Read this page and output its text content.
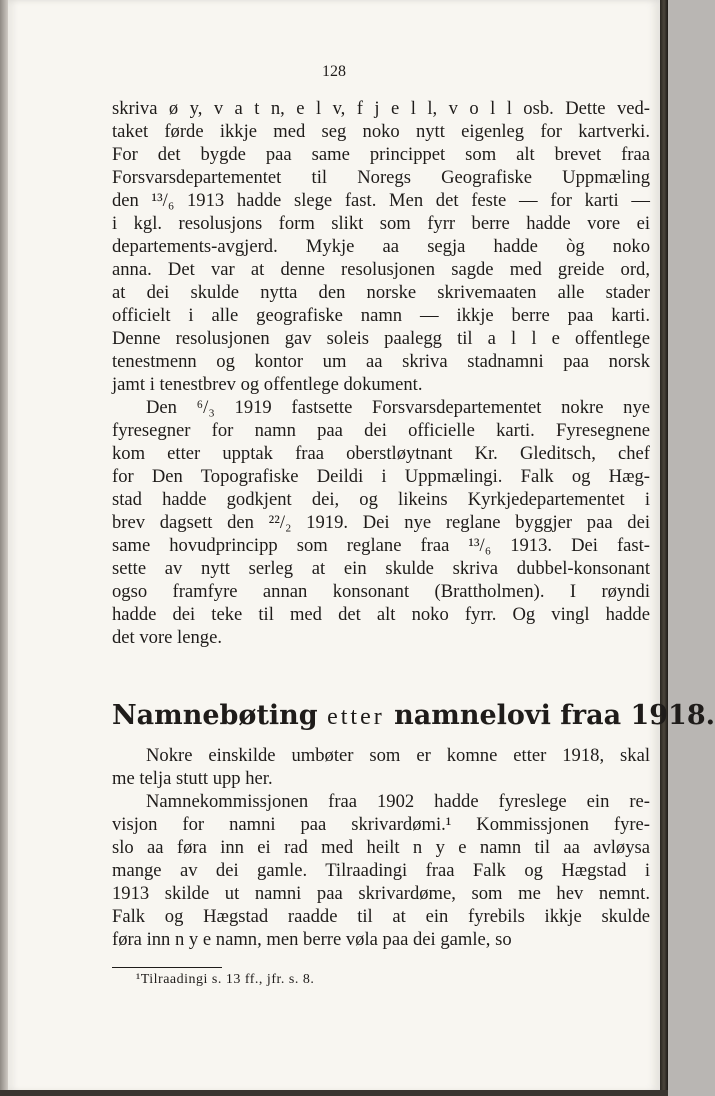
128

skriva ø y, v a t n, e l v, f j e l l, v o l l osb. Dette ved-
taket førde ikkje med seg noko nytt eigenleg for kartverki.
For det bygde paa same princippet som alt brevet fraa
Forsvarsdepartementet til Noregs Geografiske Uppmæling
den ¹³/₆ 1913 hadde slege fast. Men det feste — for karti —
i kgl. resolusjons form slikt som fyrr berre hadde vore ei
departements-avgjerd. Mykje aa segja hadde òg noko
anna. Det var at denne resolusjonen sagde med greide ord,
at dei skulde nytta den norske skrivemaaten alle stader
officielt i alle geografiske namn — ikkje berre paa karti.
Denne resolusjonen gav soleis paalegg til a l l e offentlege
tenestmenn og kontor um aa skriva stadnamni paa norsk
jamt i tenestbrev og offentlege dokument.

Den ⁶/₃ 1919 fastsette Forsvarsdepartementet nokre nye
fyresegner for namn paa dei officielle karti. Fyresegnene
kom etter upptak fraa oberstløytnant Kr. Gleditsch, chef
for Den Topografiske Deildi i Uppmælingi. Falk og Hæg-
stad hadde godkjent dei, og likeins Kyrkjedepartementet i
brev dagsett den ²²/₂ 1919. Dei nye reglane byggjer paa dei
same hovudprincipp som reglane fraa ¹³/₆ 1913. Dei fast-
sette av nytt serleg at ein skulde skriva dubbel-konsonant
ogso framfyre annan konsonant (Brattholmen). I røyndi
hadde dei teke til med det alt noko fyrr. Og vingl hadde
det vore lenge.

Namnebøting etter namnelovi fraa 1918.

Nokre einskilde umbøter som er komne etter 1918, skal
me telja stutt upp her.

Namnekommissjonen fraa 1902 hadde fyreslege ein re-
visjon for namni paa skrivardømi.¹ Kommissjonen fyre-
slo aa føra inn ei rad med heilt n y e namn til aa avløysa
mange av dei gamle. Tilraadingi fraa Falk og Hægstad i
1913 skilde ut namni paa skrivardøme, som me hev nemnt.
Falk og Hægstad raadde til at ein fyrebils ikkje skulde
føra inn n y e namn, men berre vøla paa dei gamle, so

¹Tilraadingi s. 13 ff., jfr. s. 8.
